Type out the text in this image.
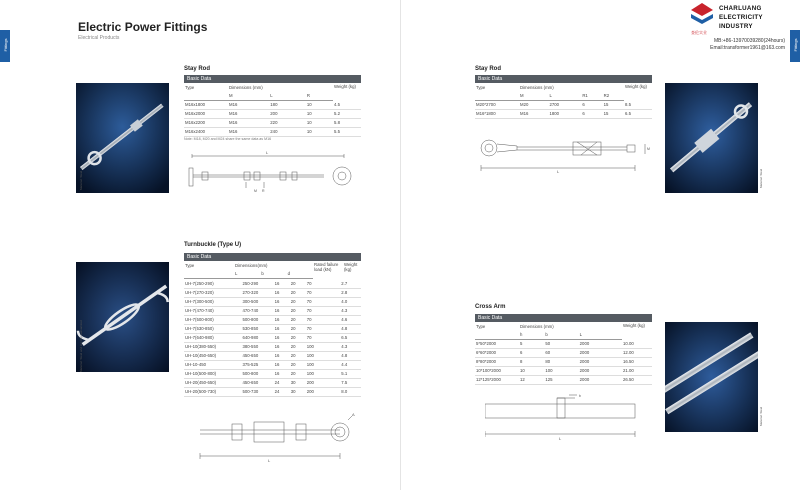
Fittings
Electric Power Fittings
Electrical Products
Material: Steel
Stay Rod
Basic Data
Type	Dimensions (mm)			Weight (kg)
	M	L	R	
M16x1800	M16	180	10	4.5
M16x2000	M16	200	10	5.2
M16x2200	M16	220	10	5.8
M16x2400	M16	240	10	5.5
Note: M18, M20 and M24 share the same data as M16
L
M R
Material: Steel and Hot Dip Galvanized
Turnbuckle (Type U)
Basic Data
Type	Dimensions(mm)			Rated failure load (kN)	Weight (kg)
	L	b	d		
UH-7(250-290)	250-290	16	20	70	2.7
UH-7(270-320)	270-320	16	20	70	2.8
UH-7(300-500)	300-500	16	20	70	4.0
UH-7(470-740)	470-740	16	20	70	4.3
UH-7(500-800)	500-800	16	20	70	4.6
UH-7(530-850)	530-850	16	20	70	4.8
UH-7(640-980)	640-980	16	20	70	6.5
UH-10(380-550)	380-550	16	20	100	4.3
UH-10(450-650)	450-650	16	20	100	4.8
UH-10-450	375-525	16	20	100	4.4
UH-10(500-800)	500-800	16	20	100	5.1
UH-20(450-650)	450-650	24	30	200	7.5
UH-20(500-730)	500-730	24	30	200	8.0
L
A
Fittings
CHARLUANG
ELECTRICITY
INDUSTRY
查伦实业
MB:+86-13970039280(24hours)
Email:transformer1961@163.com
Stay Rod
Basic Data
Type	Dimensions (mm)				Weight (kg)
	M	L	R1	R2	
M20*2700	M20	2700	6	15	8.5
M16*1800	M16	1800	6	15	6.5
L
M
Material: Steel
Cross Arm
Basic Data
Type	Dimensions (mm)			Weight (kg)
	h	b	L	
5*50*2000	5	50	2000	10.00
6*60*2000	6	60	2000	12.00
8*80*2000	8	80	2000	16.50
10*100*2000	10	100	2000	21.00
12*125*2000	12	125	2000	26.50
L
b
Material: Steel
